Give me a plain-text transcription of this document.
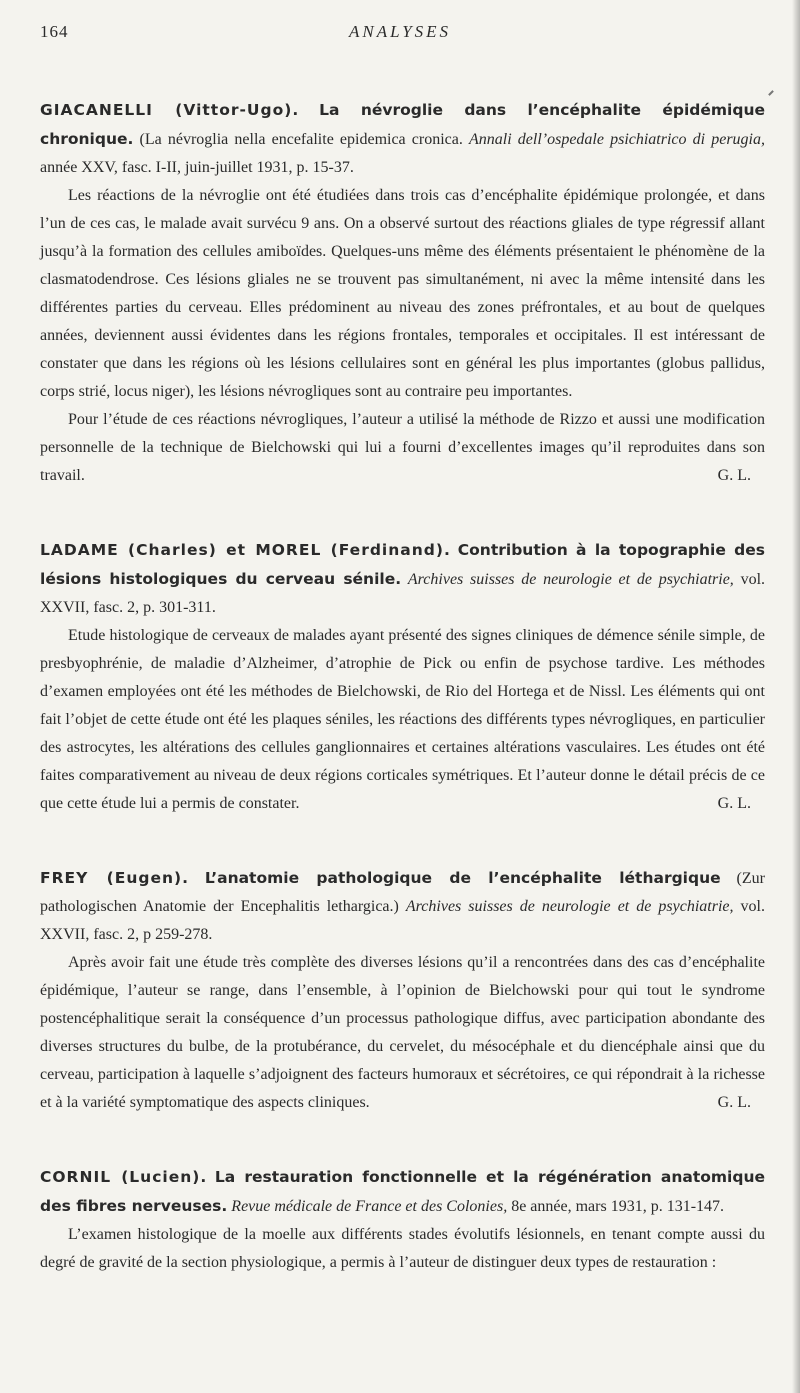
164	ANALYSES

GIACANELLI (Vittor-Ugo). La névroglie dans l’encéphalite épidémique chronique. (La névroglia nella encefalite epidemica cronica. Annali dell’ospedale psichiatrico di perugia, année XXV, fasc. I-II, juin-juillet 1931, p. 15-37.

Les réactions de la névroglie ont été étudiées dans trois cas d’encéphalite épidémique prolongée, et dans l’un de ces cas, le malade avait survécu 9 ans. On a observé surtout des réactions gliales de type régressif allant jusqu’à la formation des cellules amiboïdes. Quelques-uns même des éléments présentaient le phénomène de la clasmatodendrose. Ces lésions gliales ne se trouvent pas simultanément, ni avec la même intensité dans les différentes parties du cerveau. Elles prédominent au niveau des zones préfrontales, et au bout de quelques années, deviennent aussi évidentes dans les régions frontales, temporales et occipitales. Il est intéressant de constater que dans les régions où les lésions cellulaires sont en général les plus importantes (globus pallidus, corps strié, locus niger), les lésions névrogliques sont au contraire peu importantes.

Pour l’étude de ces réactions névrogliques, l’auteur a utilisé la méthode de Rizzo et aussi une modification personnelle de la technique de Bielchowski qui lui a fourni d’excellentes images qu’il reproduites dans son travail.	G. L.

LADAME (Charles) et MOREL (Ferdinand). Contribution à la topographie des lésions histologiques du cerveau sénile. Archives suisses de neurologie et de psychiatrie, vol. XXVII, fasc. 2, p. 301-311.

Etude histologique de cerveaux de malades ayant présenté des signes cliniques de démence sénile simple, de presbyophrénie, de maladie d’Alzheimer, d’atrophie de Pick ou enfin de psychose tardive. Les méthodes d’examen employées ont été les méthodes de Bielchowski, de Rio del Hortega et de Nissl. Les éléments qui ont fait l’objet de cette étude ont été les plaques séniles, les réactions des différents types névrogliques, en particulier des astrocytes, les altérations des cellules ganglionnaires et certaines altérations vasculaires. Les études ont été faites comparativement au niveau de deux régions corticales symétriques. Et l’auteur donne le détail précis de ce que cette étude lui a permis de constater.	G. L.

FREY (Eugen). L’anatomie pathologique de l’encéphalite léthargique (Zur pathologischen Anatomie der Encephalitis lethargica.) Archives suisses de neurologie et de psychiatrie, vol. XXVII, fasc. 2, p 259-278.

Après avoir fait une étude très complète des diverses lésions qu’il a rencontrées dans des cas d’encéphalite épidémique, l’auteur se range, dans l’ensemble, à l’opinion de Bielchowski pour qui tout le syndrome postencéphalitique serait la conséquence d’un processus pathologique diffus, avec participation abondante des diverses structures du bulbe, de la protubérance, du cervelet, du mésocéphale et du diencéphale ainsi que du cerveau, participation à laquelle s’adjoignent des facteurs humoraux et sécrétoires, ce qui répondrait à la richesse et à la variété symptomatique des aspects cliniques.	G. L.

CORNIL (Lucien). La restauration fonctionnelle et la régénération anatomique des fibres nerveuses. Revue médicale de France et des Colonies, 8e année, mars 1931, p. 131-147.

L’examen histologique de la moelle aux différents stades évolutifs lésionnels, en tenant compte aussi du degré de gravité de la section physiologique, a permis à l’auteur de distinguer deux types de restauration :
